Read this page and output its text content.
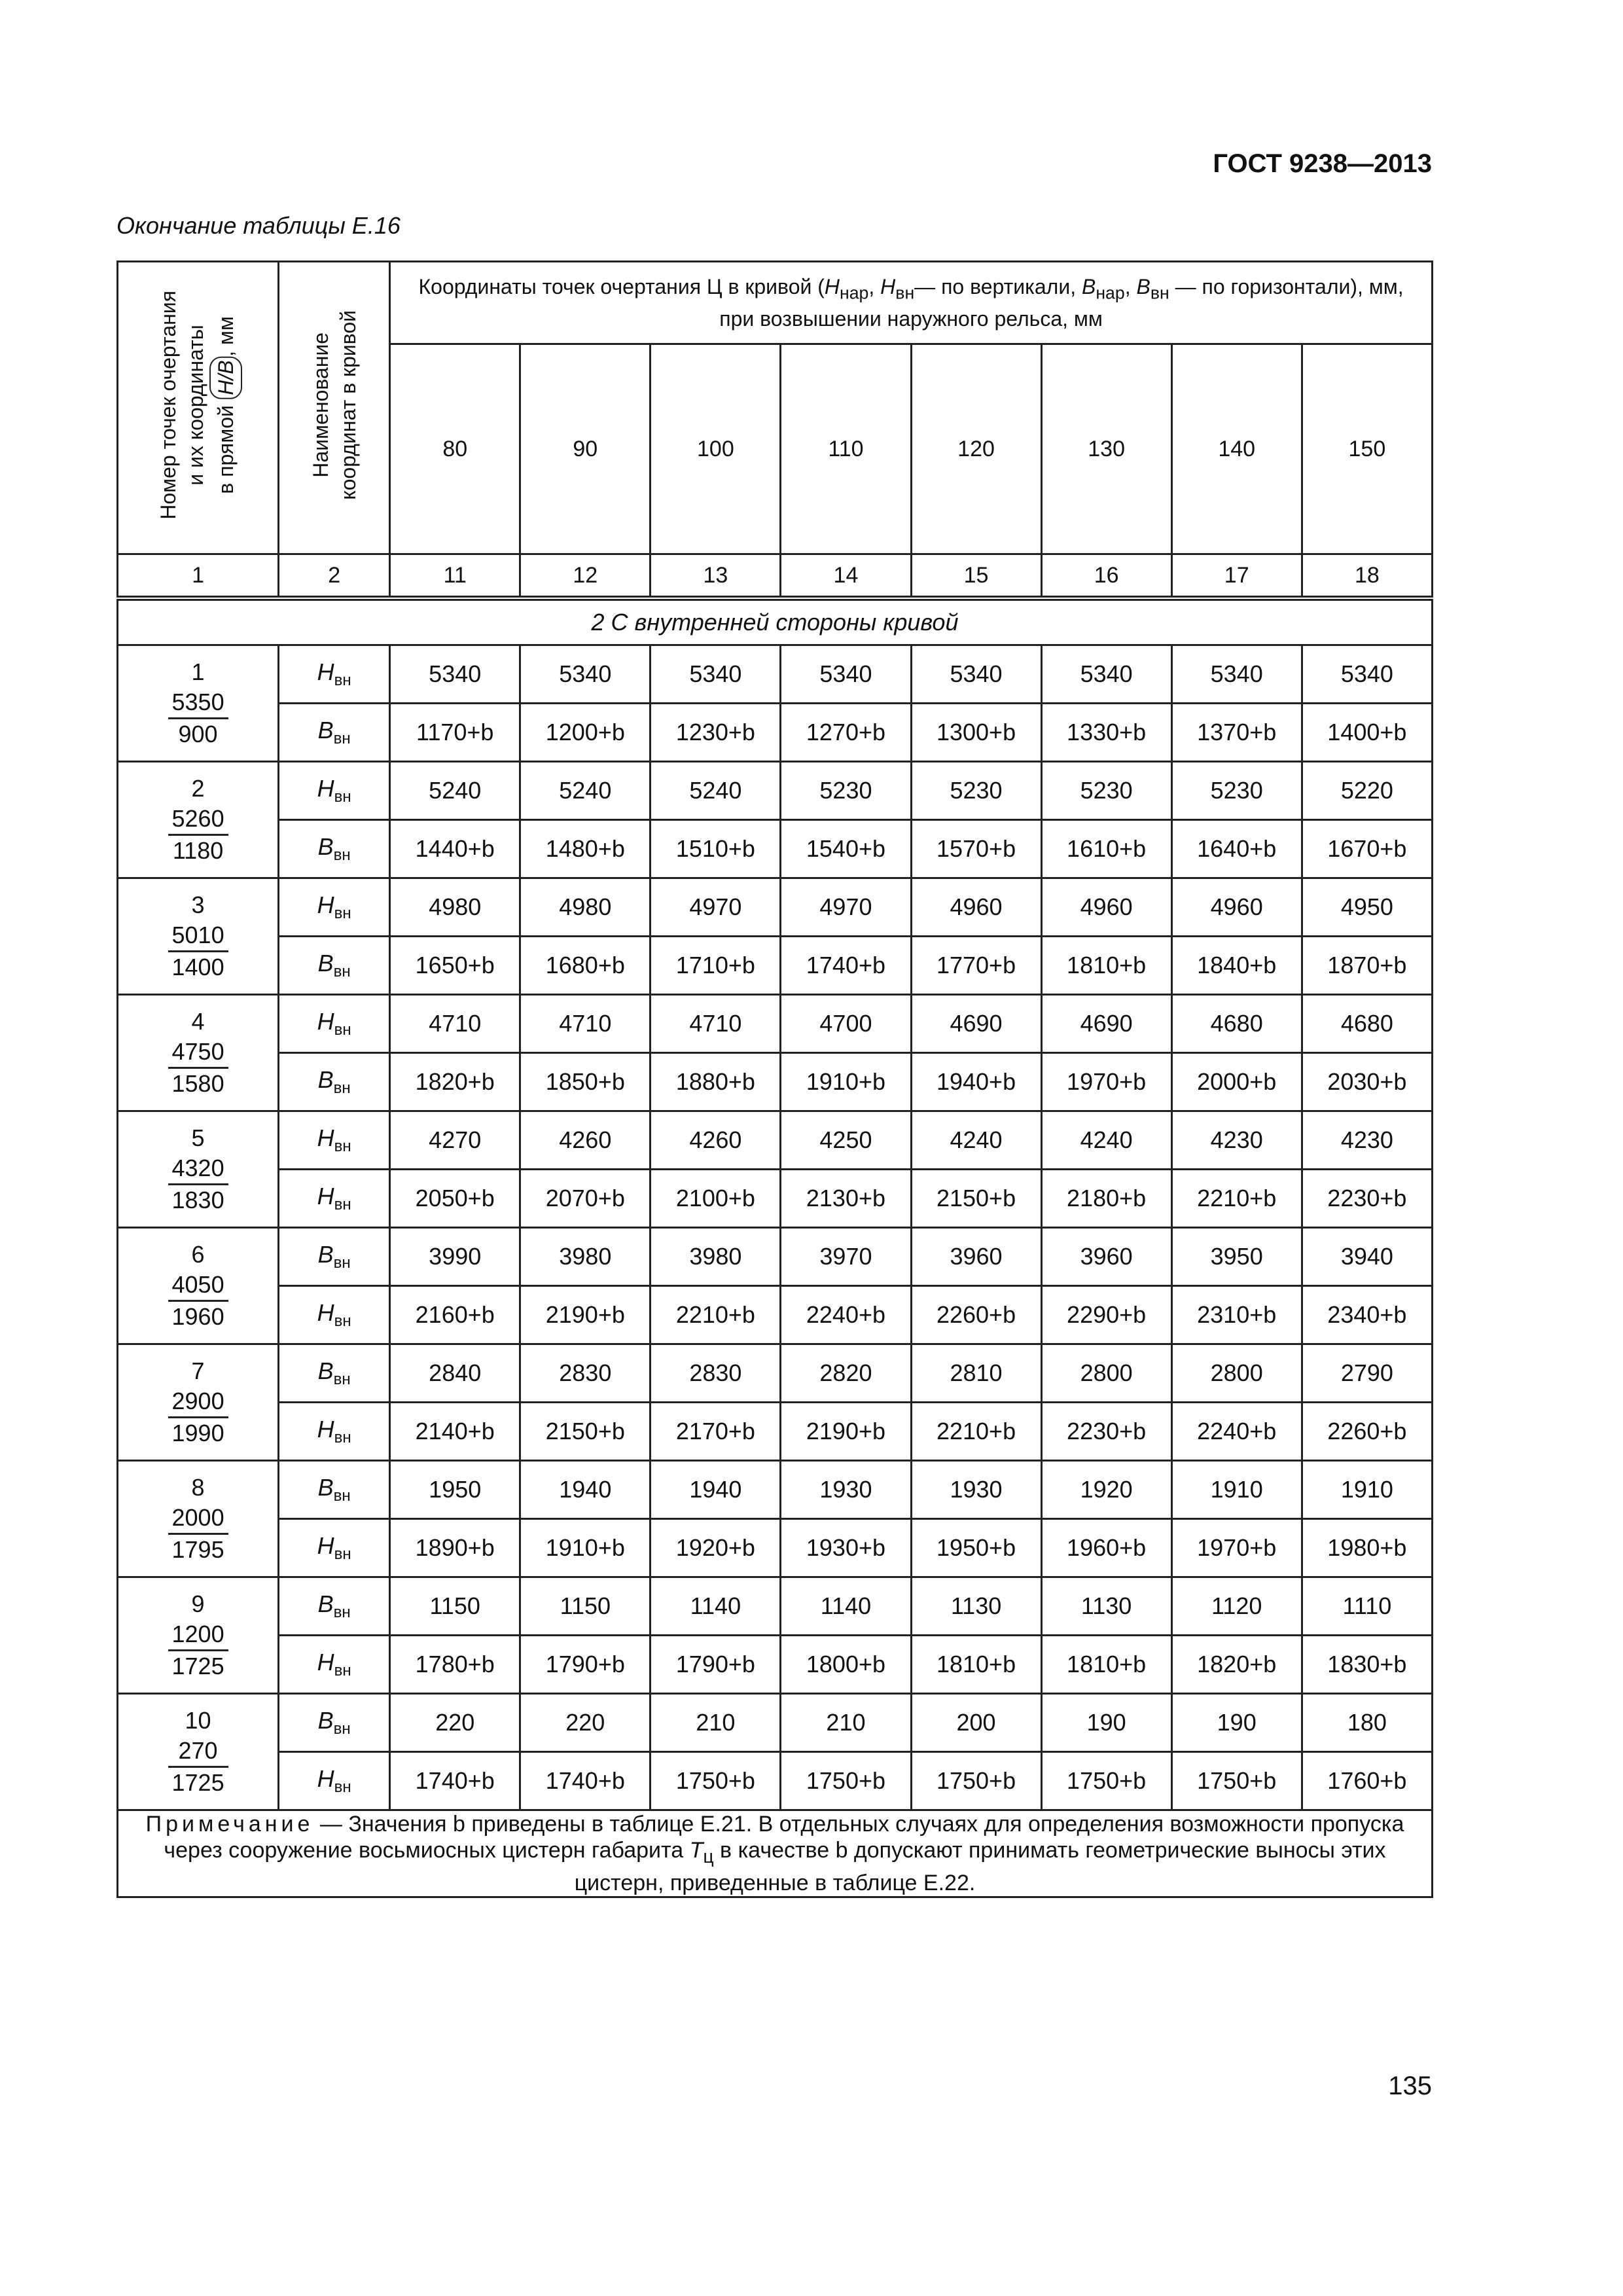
ГОСТ 9238—2013
Окончание таблицы Е.16
Номер точек очертания и их координаты в прямой H/B, мм	Наименование координат в кривой	Координаты точек очертания Ц в кривой ($H_{нар}$, $H_{вн}—$ по вертикали, $B_{нар}$, $B_{вн}$ — по горизонтали), мм,
при возвышении наружного рельса, мм							
		80	90	100	110	120	130	140	150
1	2	11	12	13	14	15	16	17	18
2 С внутренней стороны кривой									

1
$\frac{5350}{900}$	$H_{вн}$	5340	5340	5340	5340	5340	5340	5340	5340
	$B_{вн}$	1170+b	1200+b	1230+b	1270+b	1300+b	1330+b	1370+b	1400+b

2
$\frac{5260}{1180}$	$H_{вн}$	5240	5240	5240	5230	5230	5230	5230	5220
	$B_{вн}$	1440+b	1480+b	1510+b	1540+b	1570+b	1610+b	1640+b	1670+b

3
$\frac{5010}{1400}$	$H_{вн}$	4980	4980	4970	4970	4960	4960	4960	4950
	$B_{вн}$	1650+b	1680+b	1710+b	1740+b	1770+b	1810+b	1840+b	1870+b

4
$\frac{4750}{1580}$	$H_{вн}$	4710	4710	4710	4700	4690	4690	4680	4680
	$B_{вн}$	1820+b	1850+b	1880+b	1910+b	1940+b	1970+b	2000+b	2030+b

5
$\frac{4320}{1830}$	$H_{вн}$	4270	4260	4260	4250	4240	4240	4230	4230
	$H_{вн}$	2050+b	2070+b	2100+b	2130+b	2150+b	2180+b	2210+b	2230+b

6
$\frac{4050}{1960}$	$B_{вн}$	3990	3980	3980	3970	3960	3960	3950	3940
	$H_{вн}$	2160+b	2190+b	2210+b	2240+b	2260+b	2290+b	2310+b	2340+b

7
$\frac{2900}{1990}$	$B_{вн}$	2840	2830	2830	2820	2810	2800	2800	2790
	$H_{вн}$	2140+b	2150+b	2170+b	2190+b	2210+b	2230+b	2240+b	2260+b

8
$\frac{2000}{1795}$	$B_{вн}$	1950	1940	1940	1930	1930	1920	1910	1910
	$H_{вн}$	1890+b	1910+b	1920+b	1930+b	1950+b	1960+b	1970+b	1980+b

9
$\frac{1200}{1725}$	$B_{вн}$	1150	1150	1140	1140	1130	1130	1120	1110
	$H_{вн}$	1780+b	1790+b	1790+b	1800+b	1810+b	1810+b	1820+b	1830+b

10
$\frac{270}{1725}$	$B_{вн}$	220	220	210	210	200	190	190	180
	$H_{вн}$	1740+b	1740+b	1750+b	1750+b	1750+b	1750+b	1750+b	1760+b
Примечание — Значения b приведены в таблице Е.21. В отдельных случаях для определения возможности пропуска через сооружение восьмиосных цистерн габарита $T_ц$ в качестве b допускают принимать геометрические выносы этих цистерн, приведенные в таблице Е.22.									
135
